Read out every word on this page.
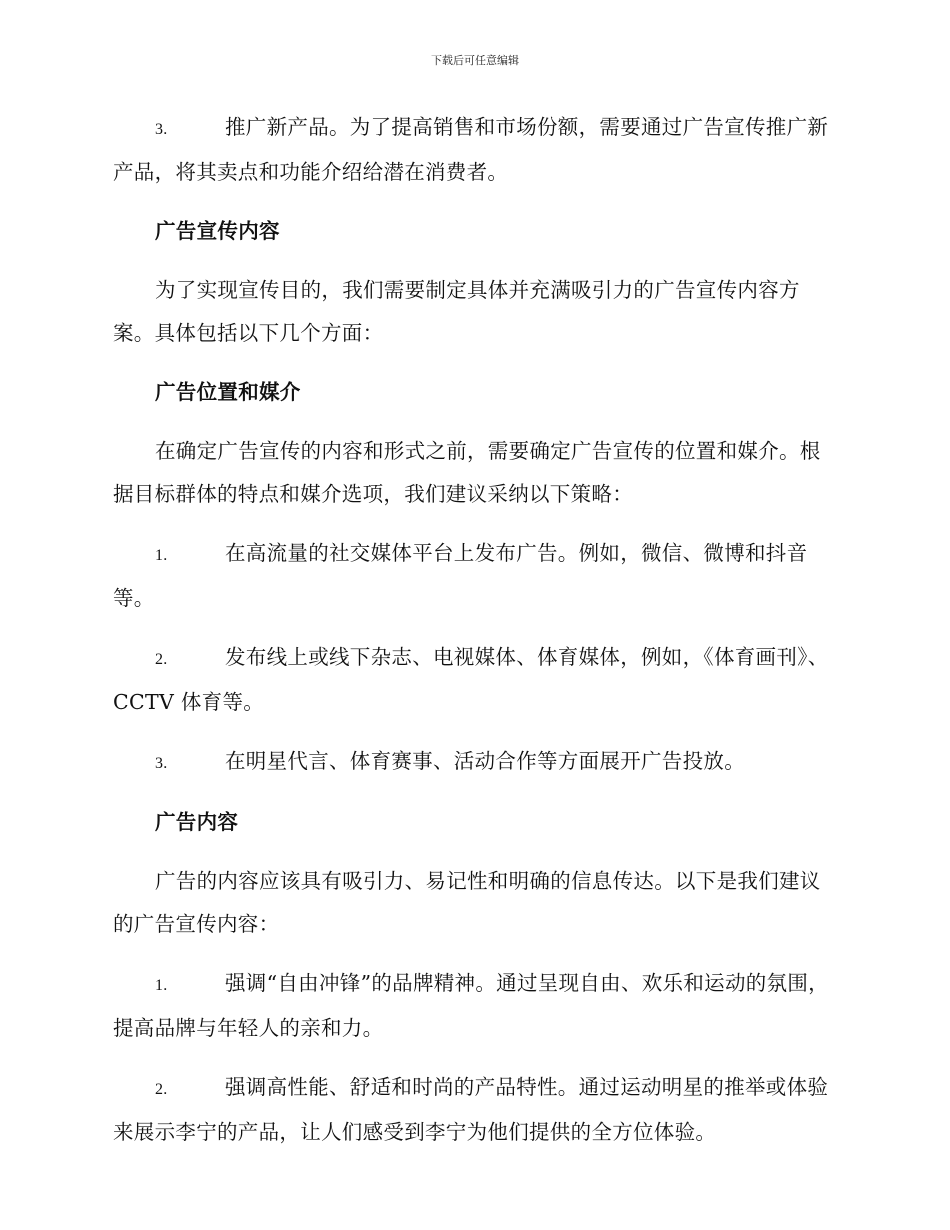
下载后可任意编辑

3.	推广新产品。为了提高销售和市场份额，需要通过广告宣传推广新产品，将其卖点和功能介绍给潜在消费者。

广告宣传内容

为了实现宣传目的，我们需要制定具体并充满吸引力的广告宣传内容方案。具体包括以下几个方面：

广告位置和媒介

在确定广告宣传的内容和形式之前，需要确定广告宣传的位置和媒介。根据目标群体的特点和媒介选项，我们建议采纳以下策略：

1.	在高流量的社交媒体平台上发布广告。例如，微信、微博和抖音等。

2.	发布线上或线下杂志、电视媒体、体育媒体，例如，《体育画刊》、CCTV 体育等。

3.	在明星代言、体育赛事、活动合作等方面展开广告投放。

广告内容

广告的内容应该具有吸引力、易记性和明确的信息传达。以下是我们建议的广告宣传内容：

1.	强调“自由冲锋”的品牌精神。通过呈现自由、欢乐和运动的氛围，提高品牌与年轻人的亲和力。

2.	强调高性能、舒适和时尚的产品特性。通过运动明星的推举或体验来展示李宁的产品，让人们感受到李宁为他们提供的全方位体验。
